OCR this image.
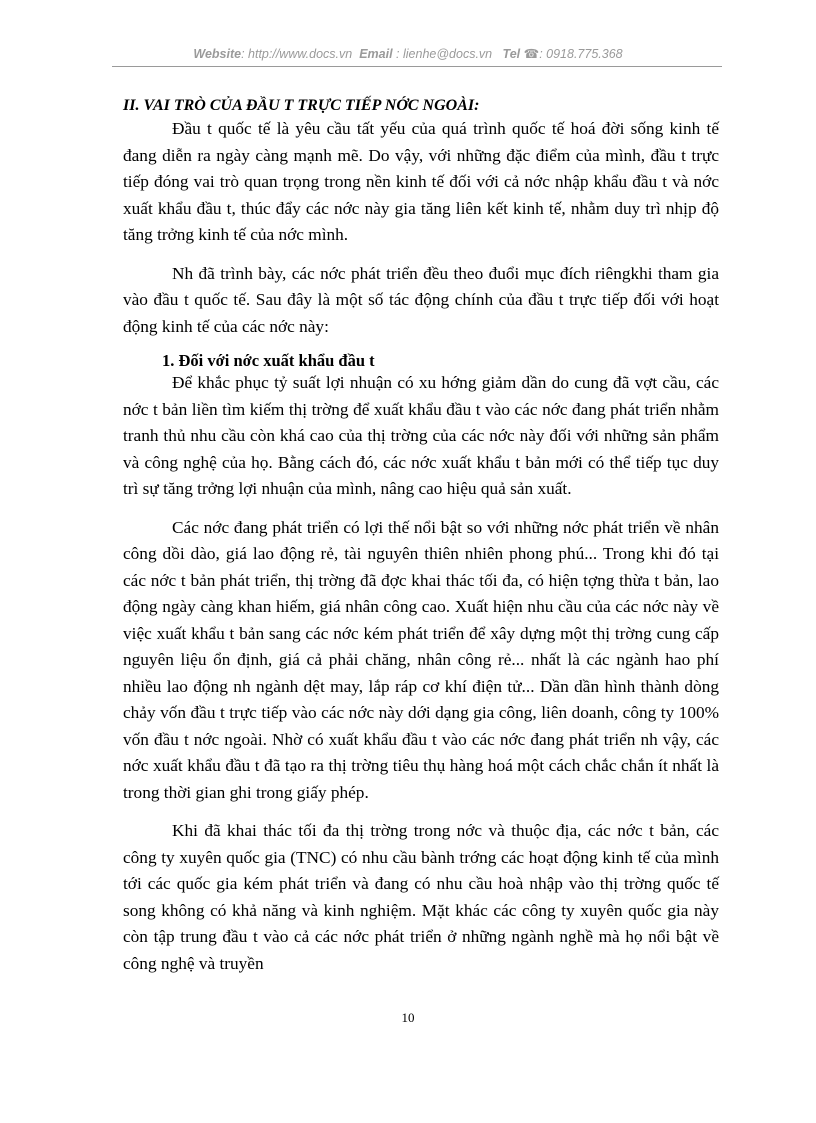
Website: http://www.docs.vn Email : lienhe@docs.vn Tel ☎: 0918.775.368
II. VAI TRÒ CỦA ĐẦU T TRỰC TIẾP NỚC NGOÀI:

Đầu t quốc tế là yêu cầu tất yếu của quá trình quốc tế hoá đời sống kinh tế đang diễn ra ngày càng mạnh mẽ. Do vậy, với những đặc điểm của mình, đầu t trực tiếp đóng vai trò quan trọng trong nền kinh tế đối với cả nớc nhập khẩu đầu t và nớc xuất khẩu đầu t, thúc đẩy các nớc này gia tăng liên kết kinh tế, nhằm duy trì nhịp độ tăng trởng kinh tế của nớc mình.

Nh đã trình bày, các nớc phát triển đều theo đuổi mục đích riêngkhi tham gia vào đầu t quốc tế. Sau đây là một số tác động chính của đầu t trực tiếp đối với hoạt động kinh tế của các nớc này:

1. Đối với nớc xuất khẩu đầu t

Để khắc phục tỷ suất lợi nhuận có xu hớng giảm dần do cung đã vợt cầu, các nớc t bản liền tìm kiếm thị trờng để xuất khẩu đầu t vào các nớc đang phát triển nhằm tranh thủ nhu cầu còn khá cao của thị trờng của các nớc này đối với những sản phẩm và công nghệ của họ. Bằng cách đó, các nớc xuất khẩu t bản mới có thể tiếp tục duy trì sự tăng trởng lợi nhuận của mình, nâng cao hiệu quả sản xuất.

Các nớc đang phát triển có lợi thế nổi bật so với những nớc phát triển về nhân công dồi dào, giá lao động rẻ, tài nguyên thiên nhiên phong phú... Trong khi đó tại các nớc t bản phát triển, thị trờng đã đợc khai thác tối đa, có hiện tợng thừa t bản, lao động ngày càng khan hiếm, giá nhân công cao. Xuất hiện nhu cầu của các nớc này về việc xuất khẩu t bản sang các nớc kém phát triển để xây dựng một thị trờng cung cấp nguyên liệu ổn định, giá cả phải chăng, nhân công rẻ... nhất là các ngành hao phí nhiều lao động nh ngành dệt may, lắp ráp cơ khí điện tử... Dần dần hình thành dòng chảy vốn đầu t trực tiếp vào các nớc này dới dạng gia công, liên doanh, công ty 100% vốn đầu t nớc ngoài. Nhờ có xuất khẩu đầu t vào các nớc đang phát triển nh vậy, các nớc xuất khẩu đầu t đã tạo ra thị trờng tiêu thụ hàng hoá một cách chắc chắn ít nhất là trong thời gian ghi trong giấy phép.

Khi đã khai thác tối đa thị trờng trong nớc và thuộc địa, các nớc t bản, các công ty xuyên quốc gia (TNC) có nhu cầu bành trớng các hoạt động kinh tế của mình tới các quốc gia kém phát triển và đang có nhu cầu hoà nhập vào thị trờng quốc tế song không có khả năng và kinh nghiệm. Mặt khác các công ty xuyên quốc gia này còn tập trung đầu t vào cả các nớc phát triển ở những ngành nghề mà họ nổi bật về công nghệ và truyền

10
